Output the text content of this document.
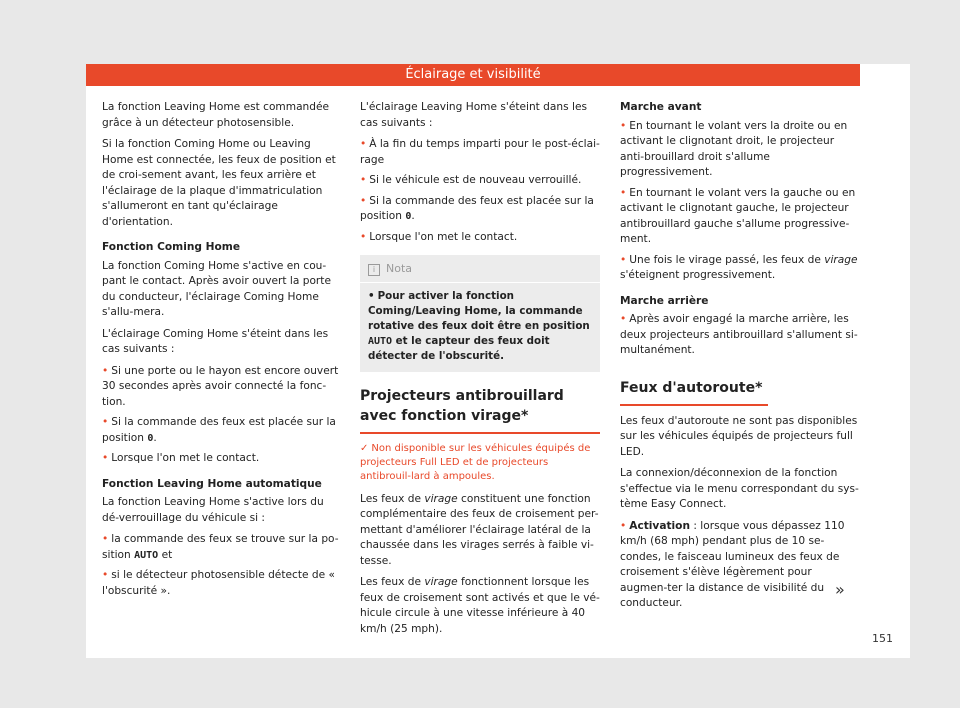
Éclairage et visibilité

La fonction Leaving Home est commandée grâce à un détecteur photosensible.

Si la fonction Coming Home ou Leaving Home est connectée, les feux de position et de croi-sement avant, les feux arrière et l'éclairage de la plaque d'immatriculation s'allumeront en tant qu'éclairage d'orientation.

Fonction Coming Home

La fonction Coming Home s'active en cou-pant le contact. Après avoir ouvert la porte du conducteur, l'éclairage Coming Home s'allu-mera.

L'éclairage Coming Home s'éteint dans les cas suivants :

• Si une porte ou le hayon est encore ouvert 30 secondes après avoir connecté la fonc-tion.
• Si la commande des feux est placée sur la position 0.
• Lorsque l'on met le contact.
Fonction Leaving Home automatique

La fonction Leaving Home s'active lors du dé-verrouillage du véhicule si :

• la commande des feux se trouve sur la po-sition AUTO et
• si le détecteur photosensible détecte de « l'obscurité ».

L'éclairage Leaving Home s'éteint dans les cas suivants :

• À la fin du temps imparti pour le post-éclai-rage
• Si le véhicule est de nouveau verrouillé.
• Si la commande des feux est placée sur la position 0.
• Lorsque l'on met le contact.
i Nota
• Pour activer la fonction Coming/Leaving Home, la commande rotative des feux doit être en position AUTO et le capteur des feux doit détecter de l'obscurité.
Projecteurs antibrouillard avec fonction virage*
✓ Non disponible sur les véhicules équipés de projecteurs Full LED et de projecteurs antibrouil-lard à ampoules.

Les feux de virage constituent une fonction complémentaire des feux de croisement per-mettant d'améliorer l'éclairage latéral de la chaussée dans les virages serrés à faible vi-tesse.

Les feux de virage fonctionnent lorsque les feux de croisement sont activés et que le vé-hicule circule à une vitesse inférieure à 40 km/h (25 mph).

Marche avant
• En tournant le volant vers la droite ou en activant le clignotant droit, le projecteur anti-brouillard droit s'allume progressivement.
• En tournant le volant vers la gauche ou en activant le clignotant gauche, le projecteur antibrouillard gauche s'allume progressive-ment.
• Une fois le virage passé, les feux de virage s'éteignent progressivement.
Marche arrière
• Après avoir engagé la marche arrière, les deux projecteurs antibrouillard s'allument si-multanément.
Feux d'autoroute*

Les feux d'autoroute ne sont pas disponibles sur les véhicules équipés de projecteurs full LED.

La connexion/déconnexion de la fonction s'effectue via le menu correspondant du sys-tème Easy Connect.

• Activation : lorsque vous dépassez 110 km/h (68 mph) pendant plus de 10 se-condes, le faisceau lumineux des feux de croisement s'élève légèrement pour augmen-ter la distance de visibilité du conducteur.
»
151
